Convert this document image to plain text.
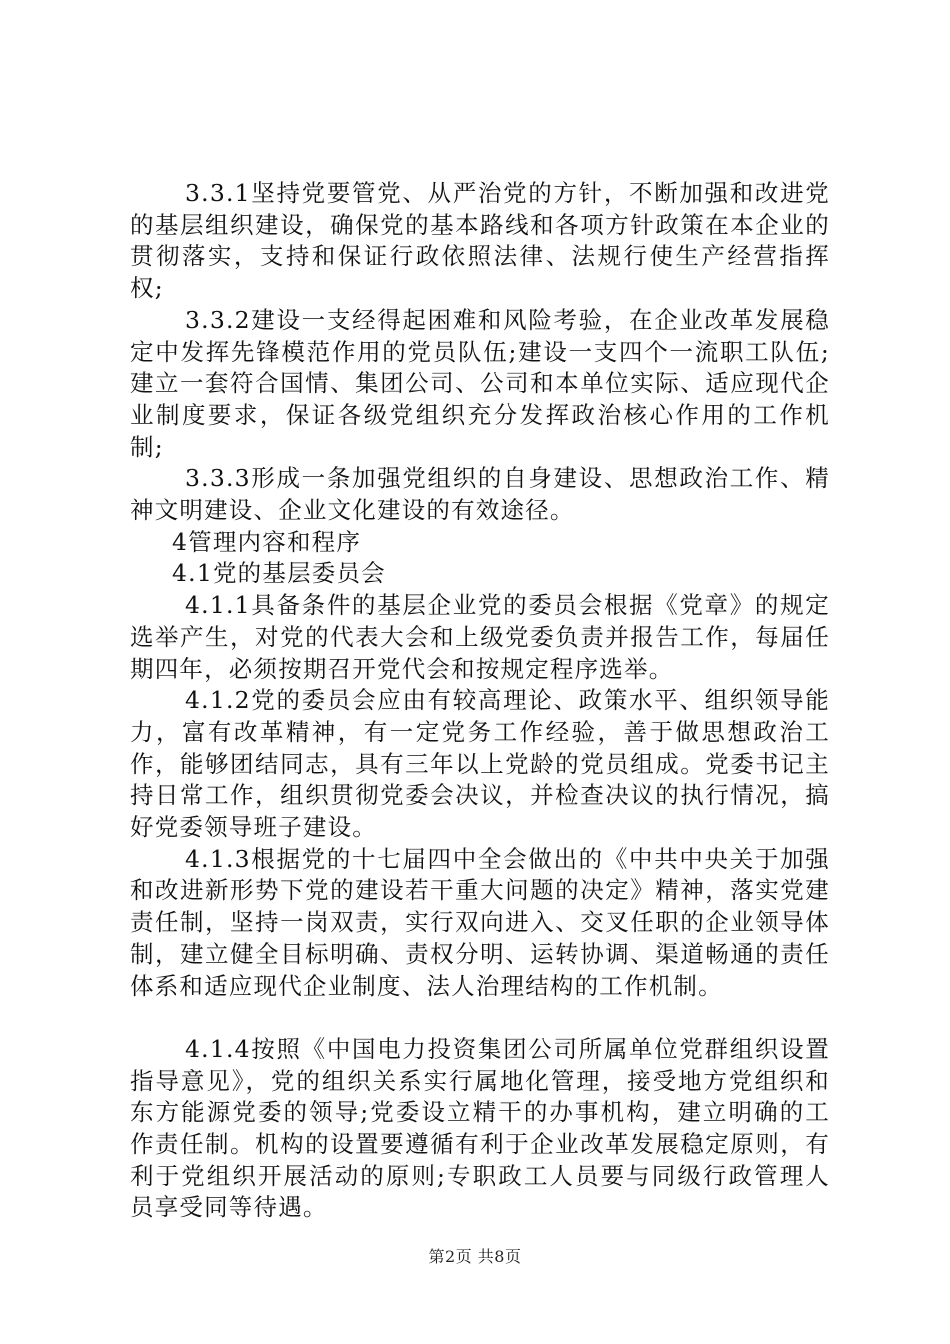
3.3.1坚持党要管党、从严治党的方针，不断加强和改进党的基层组织建设，确保党的基本路线和各项方针政策在本企业的贯彻落实，支持和保证行政依照法律、法规行使生产经营指挥权;

3.3.2建设一支经得起困难和风险考验，在企业改革发展稳定中发挥先锋模范作用的党员队伍;建设一支四个一流职工队伍;建立一套符合国情、集团公司、公司和本单位实际、适应现代企业制度要求，保证各级党组织充分发挥政治核心作用的工作机制;

3.3.3形成一条加强党组织的自身建设、思想政治工作、精神文明建设、企业文化建设的有效途径。

4管理内容和程序

4.1党的基层委员会

4.1.1具备条件的基层企业党的委员会根据《党章》的规定选举产生，对党的代表大会和上级党委负责并报告工作，每届任期四年，必须按期召开党代会和按规定程序选举。

4.1.2党的委员会应由有较高理论、政策水平、组织领导能力，富有改革精神，有一定党务工作经验，善于做思想政治工作，能够团结同志，具有三年以上党龄的党员组成。党委书记主持日常工作，组织贯彻党委会决议，并检查决议的执行情况，搞好党委领导班子建设。

4.1.3根据党的十七届四中全会做出的《中共中央关于加强和改进新形势下党的建设若干重大问题的决定》精神，落实党建责任制，坚持一岗双责，实行双向进入、交叉任职的企业领导体制，建立健全目标明确、责权分明、运转协调、渠道畅通的责任体系和适应现代企业制度、法人治理结构的工作机制。

4.1.4按照《中国电力投资集团公司所属单位党群组织设置指导意见》，党的组织关系实行属地化管理，接受地方党组织和东方能源党委的领导;党委设立精干的办事机构，建立明确的工作责任制。机构的设置要遵循有利于企业改革发展稳定原则，有利于党组织开展活动的原则;专职政工人员要与同级行政管理人员享受同等待遇。

第2页 共8页
